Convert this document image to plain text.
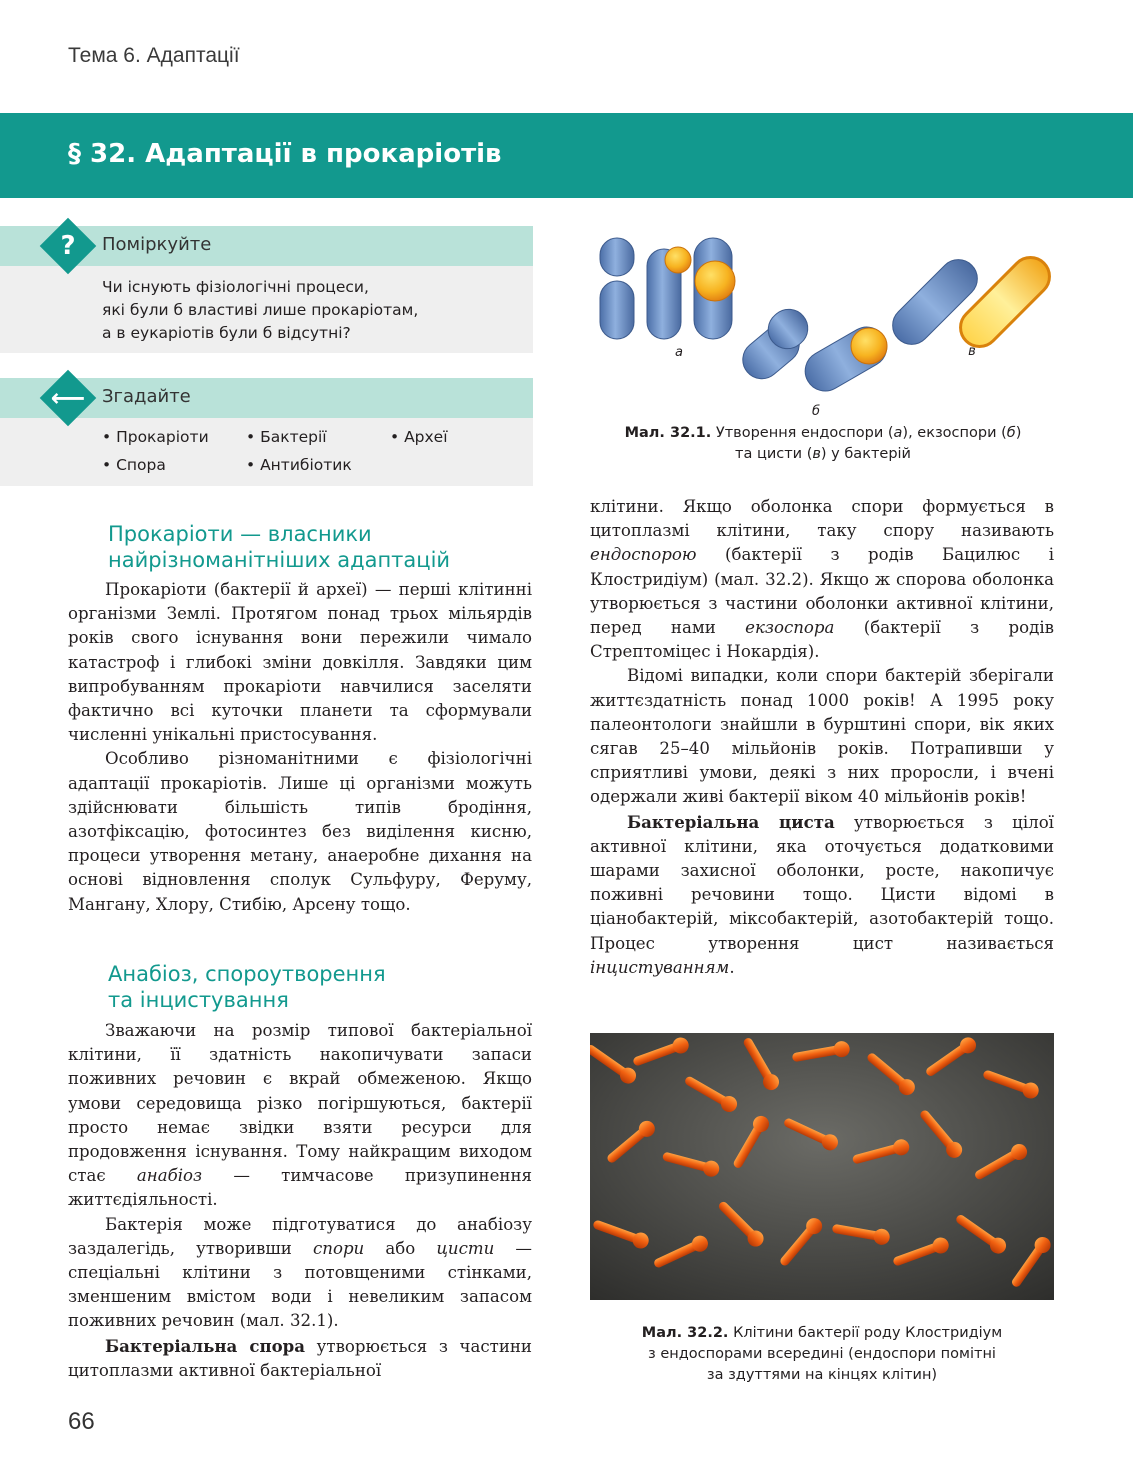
Тема 6. Адаптації
§ 32. Адаптації в прокаріотів
?	Поміркуйте
Чи існують фізіологічні процеси,
які були б властиві лише прокаріотам,
а в еукаріотів були б відсутні?
⟵ Згадайте
• Прокаріоти • Бактерії	• Археї
• Спора	• Антибіотик
Прокаріоти — власники
найрізноманітніших адаптацій

Прокаріоти (бактерії й археї) — перші клітинні організми Землі. Протягом понад трьох мільярдів років свого існування вони пережили чимало катастроф і глибокі зміни довкілля. Завдяки цим випробуванням прокаріоти навчилися заселяти фактично всі куточки планети та сформували численні унікальні пристосування.

Особливо різноманітними є фізіологічні адаптації прокаріотів. Лише ці організми можуть здійснювати більшість типів бродіння, азотфіксацію, фотосинтез без виділення кисню, процеси утворення метану, анаеробне дихання на основі відновлення сполук Сульфуру, Феруму, Мангану, Хлору, Стибію, Арсену тощо.

Анабіоз, спороутворення
та інцистування

Зважаючи на розмір типової бактеріальної клітини, її здатність накопичувати запаси поживних речовин є вкрай обмеженою. Якщо умови середовища різко погіршуються, бактерії просто немає звідки взяти ресурси для продовження існування. Тому найкращим виходом стає анабіоз — тимчасове призупинення життєдіяльності.

Бактерія може підготуватися до анабіозу заздалегідь, утворивши спори або цисти — спеціальні клітини з потовщеними стінками, зменшеним вмістом води і невеликим запасом поживних речовин (мал. 32.1).

Бактеріальна спора утворюється з частини цитоплазми активної бактеріальної

а
б
в
Мал. 32.1. Утворення ендоспори (а), екзоспори (б)
та цисти (в) у бактерій

клітини. Якщо оболонка спори формується в цитоплазмі клітини, таку спору називають ендоспорою (бактерії з родів Бацилюс і Клостридіум) (мал. 32.2). Якщо ж спорова оболонка утворюється з частини оболонки активної клітини, перед нами екзоспора (бактерії з родів Стрептоміцес і Нокардія).

Відомі випадки, коли спори бактерій зберігали життєздатність понад 1000 років! А 1995 року палеонтологи знайшли в бурштині спори, вік яких сягав 25–40 мільйонів років. Потрапивши у сприятливі умови, деякі з них проросли, і вчені одержали живі бактерії віком 40 мільйонів років!

Бактеріальна циста утворюється з цілої активної клітини, яка оточується додатковими шарами захисної оболонки, росте, накопичує поживні речовини тощо. Цисти відомі в ціанобактерій, міксобактерій, азотобактерій тощо. Процес утворення цист називається інцистуванням.

Мал. 32.2. Клітини бактерії роду Клостридіум
з ендоспорами всередині (ендоспори помітні
за здуттями на кінцях клітин)
66
